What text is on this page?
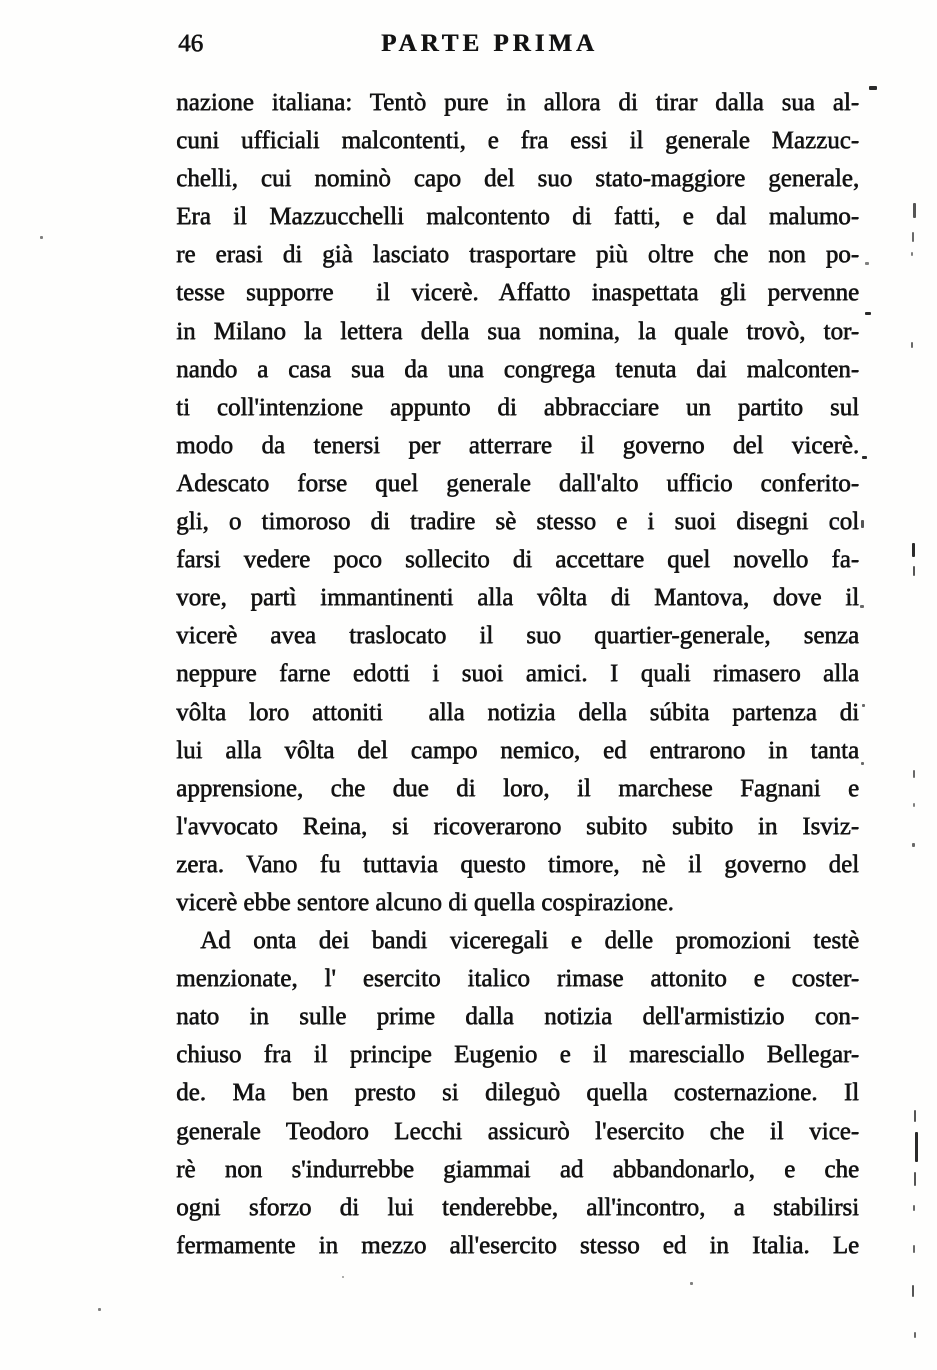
46	PARTE PRIMA
nazione italiana: Tentò pure in allora di tirar dalla sua al-
cuni ufficiali malcontenti, e fra essi il generale Mazzuc-
chelli, cui nominò capo del suo stato-maggiore generale,
Era il Mazzucchelli malcontento di fatti, e dal malumo-
re erasi di già lasciato trasportare più oltre che non po-
tesse supporre  il vicerè. Affatto inaspettata gli pervenne
in Milano la lettera della sua nomina, la quale trovò, tor-
nando a casa sua da una congrega tenuta dai malconten-
ti coll'intenzione appunto di abbracciare un partito sul
modo da tenersi per atterrare il governo del vicerè.
Adescato forse quel generale dall'alto ufficio conferito-
gli, o timoroso di tradire sè stesso e i suoi disegni col
farsi vedere poco sollecito di accettare quel novello fa-
vore, partì immantinenti alla vôlta di Mantova, dove il
vicerè avea traslocato il suo quartier-generale, senza
neppure farne edotti i suoi amici. I quali rimasero alla
vôlta loro attoniti  alla notizia della súbita partenza di
lui alla vôlta del campo nemico, ed entrarono in tanta
apprensione, che due di loro, il marchese Fagnani e
l'avvocato Reina, si ricoverarono subito subito in Isviz-
zera. Vano fu tuttavia questo timore, nè il governo del
vicerè ebbe sentore alcuno di quella cospirazione.
Ad onta dei bandi viceregali e delle promozioni testè
menzionate, l' esercito italico rimase attonito e coster-
nato in sulle prime dalla notizia dell'armistizio con-
chiuso fra il principe Eugenio e il maresciallo Bellegar-
de. Ma ben presto si dileguò quella costernazione. Il
generale Teodoro Lecchi assicurò l'esercito che il vice-
rè non s'indurrebbe giammai ad abbandonarlo, e che
ogni sforzo di lui tenderebbe, all'incontro, a stabilirsi
fermamente in mezzo all'esercito stesso ed in Italia. Le
